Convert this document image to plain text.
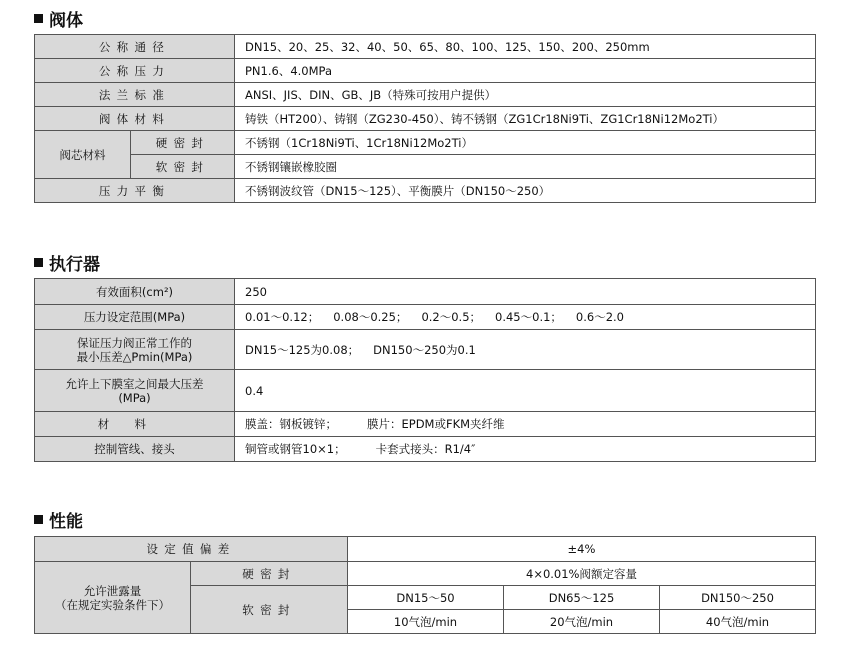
阀体
公称通径		DN15、20、25、32、40、50、65、80、100、125、150、200、250mm
公称压力		PN1.6、4.0MPa
法兰标准		ANSI、JIS、DIN、GB、JB（特殊可按用户提供）
阀体材料		铸铁（HT200）、铸钢（ZG230-450）、铸不锈钢（ZG1Cr18Ni9Ti、ZG1Cr18Ni12Mo2Ti）
阀芯材料	硬密封	不锈钢（1Cr18Ni9Ti、1Cr18Ni12Mo2Ti）
	软密封	不锈钢镶嵌橡胶圈
压力平衡		不锈钢波纹管（DN15～125）、平衡膜片（DN150～250）
执行器
有效面积(cm²)	250
压力设定范围(MPa)	0.01～0.12； 0.08～0.25； 0.2～0.5； 0.45～0.1； 0.6～2.0

保证压力阀正常工作的
最小压差△Pmin(MPa)	DN15～125为0.08； DN150～250为0.1

允许上下膜室之间最大压差
(MPa)	0.4
材料	膜盖：钢板镀锌； 膜片：EPDM或FKM夹纤维
控制管线、接头	铜管或钢管10×1； 卡套式接头：R1/4″
性能
设定值偏差		±4%		

允许泄露量
（在规定实验条件下）	硬密封	4×0.01%阀额定容量		
	软密封	DN15～50	DN65～125	DN150～250
		10气泡/min	20气泡/min	40气泡/min
